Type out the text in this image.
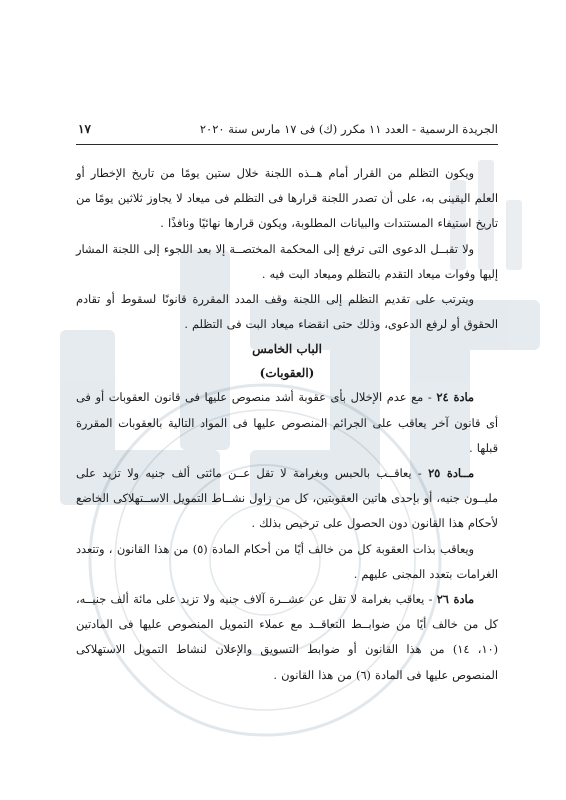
الجريدة الرسمية - العدد ١١ مكرر (ك) فى ١٧ مارس سنة ٢٠٢٠
١٧

ويكون التظلم من القرار أمام هــذه اللجنة خلال ستين يومًا من تاريخ الإخطار أو العلم اليقينى به، على أن تصدر اللجنة قرارها فى التظلم فى ميعاد لا يجاوز ثلاثين يومًا من تاريخ استيفاء المستندات والبيانات المطلوبة، ويكون قرارها نهائيًا ونافذًا .

ولا تقبــل الدعوى التى ترفع إلى المحكمة المختصــة إلا بعد اللجوء إلى اللجنة المشار إليها وفوات ميعاد التقدم بالتظلم وميعاد البت فيه .

ويترتب على تقديم التظلم إلى اللجنة وقف المدد المقررة قانونًا لسقوط أو تقادم الحقوق أو لرفع الدعوى، وذلك حتى انقضاء ميعاد البت فى التظلم .

الباب الخامس

(العقوبات)

مادة ٢٤ - مع عدم الإخلال بأى عقوبة أشد منصوص عليها فى قانون العقوبات أو فى أى قانون آخر يعاقب على الجرائم المنصوص عليها فى المواد التالية بالعقوبات المقررة قبلها .

مــادة ٢٥ - يعاقــب بالحبس وبغرامة لا تقل عــن مائتى ألف جنيه ولا تزيد على مليــون جنيه، أو بإحدى هاتين العقوبتين، كل من زاول نشــاط التمويل الاســتهلاكى الخاضع لأحكام هذا القانون دون الحصول على ترخيص بذلك .

ويعاقب بذات العقوبة كل من خالف أيًا من أحكام المادة (٥) من هذا القانون ، وتتعدد الغرامات بتعدد المجنى عليهم .

مادة ٢٦ - يعاقب بغرامة لا تقل عن عشــرة آلاف جنيه ولا تزيد على مائة ألف جنيــه، كل من خالف أيًا من ضوابــط التعاقــد مع عملاء التمويل المنصوص عليها فى المادتين (١٠، ١٤) من هذا القانون أو ضوابط التسويق والإعلان لنشاط التمويل الاستهلاكى المنصوص عليها فى المادة (٦) من هذا القانون .
